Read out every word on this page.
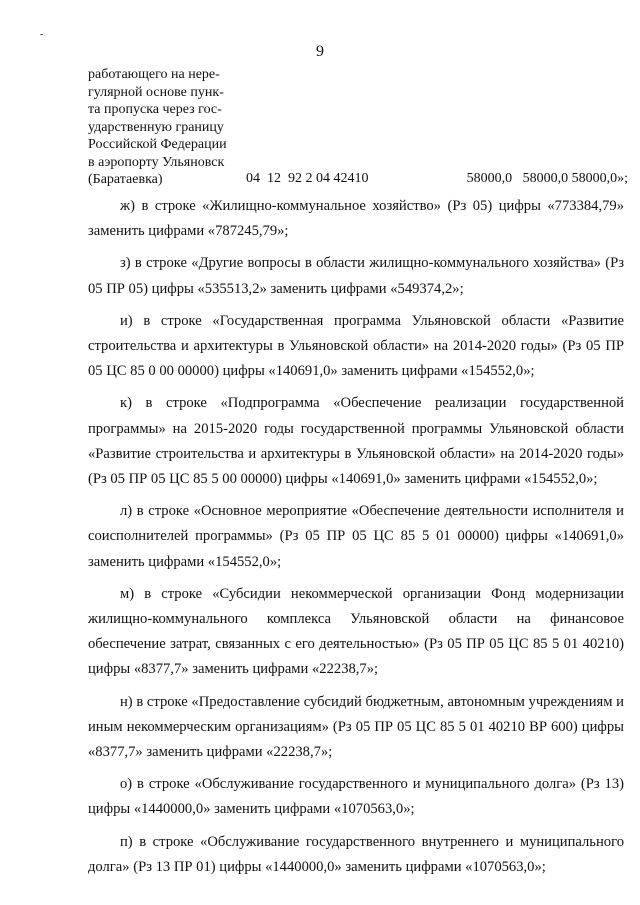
-
9
работающего на нере-
гулярной основе пунк-
та пропуска через гос-
ударственную границу
Российской Федерации
в аэропорту Ульяновск
(Баратаевка)	04  12  92 2 04 42410	58000,0   58000,0 58000,0»;

ж) в строке «Жилищно-коммунальное хозяйство» (Рз 05) цифры «773384,79» заменить цифрами «787245,79»;

з) в строке «Другие вопросы в области жилищно-коммунального хозяйства» (Рз 05 ПР 05) цифры «535513,2» заменить цифрами «549374,2»;

и) в строке «Государственная программа Ульяновской области «Развитие строительства и архитектуры в Ульяновской области» на 2014-2020 годы» (Рз 05 ПР 05 ЦС 85 0 00 00000) цифры «140691,0» заменить цифрами «154552,0»;

к) в строке «Подпрограмма «Обеспечение реализации государственной программы» на 2015-2020 годы государственной программы Ульяновской области «Развитие строительства и архитектуры в Ульяновской области» на 2014-2020 годы» (Рз 05 ПР 05 ЦС 85 5 00 00000) цифры «140691,0» заменить цифрами «154552,0»;

л) в строке «Основное мероприятие «Обеспечение деятельности исполнителя и соисполнителей программы» (Рз 05 ПР 05 ЦС 85 5 01 00000) цифры «140691,0» заменить цифрами «154552,0»;

м) в строке «Субсидии некоммерческой организации Фонд модернизации жилищно-коммунального комплекса Ульяновской области на финансовое обеспечение затрат, связанных с его деятельностью» (Рз 05 ПР 05 ЦС 85 5 01 40210) цифры «8377,7» заменить цифрами «22238,7»;

н) в строке «Предоставление субсидий бюджетным, автономным учреждениям и иным некоммерческим организациям» (Рз 05 ПР 05 ЦС 85 5 01 40210 ВР 600) цифры «8377,7» заменить цифрами «22238,7»;

о) в строке «Обслуживание государственного и муниципального долга» (Рз 13) цифры «1440000,0» заменить цифрами «1070563,0»;

п) в строке «Обслуживание государственного внутреннего и муниципального долга» (Рз 13 ПР 01) цифры «1440000,0» заменить цифрами «1070563,0»;
